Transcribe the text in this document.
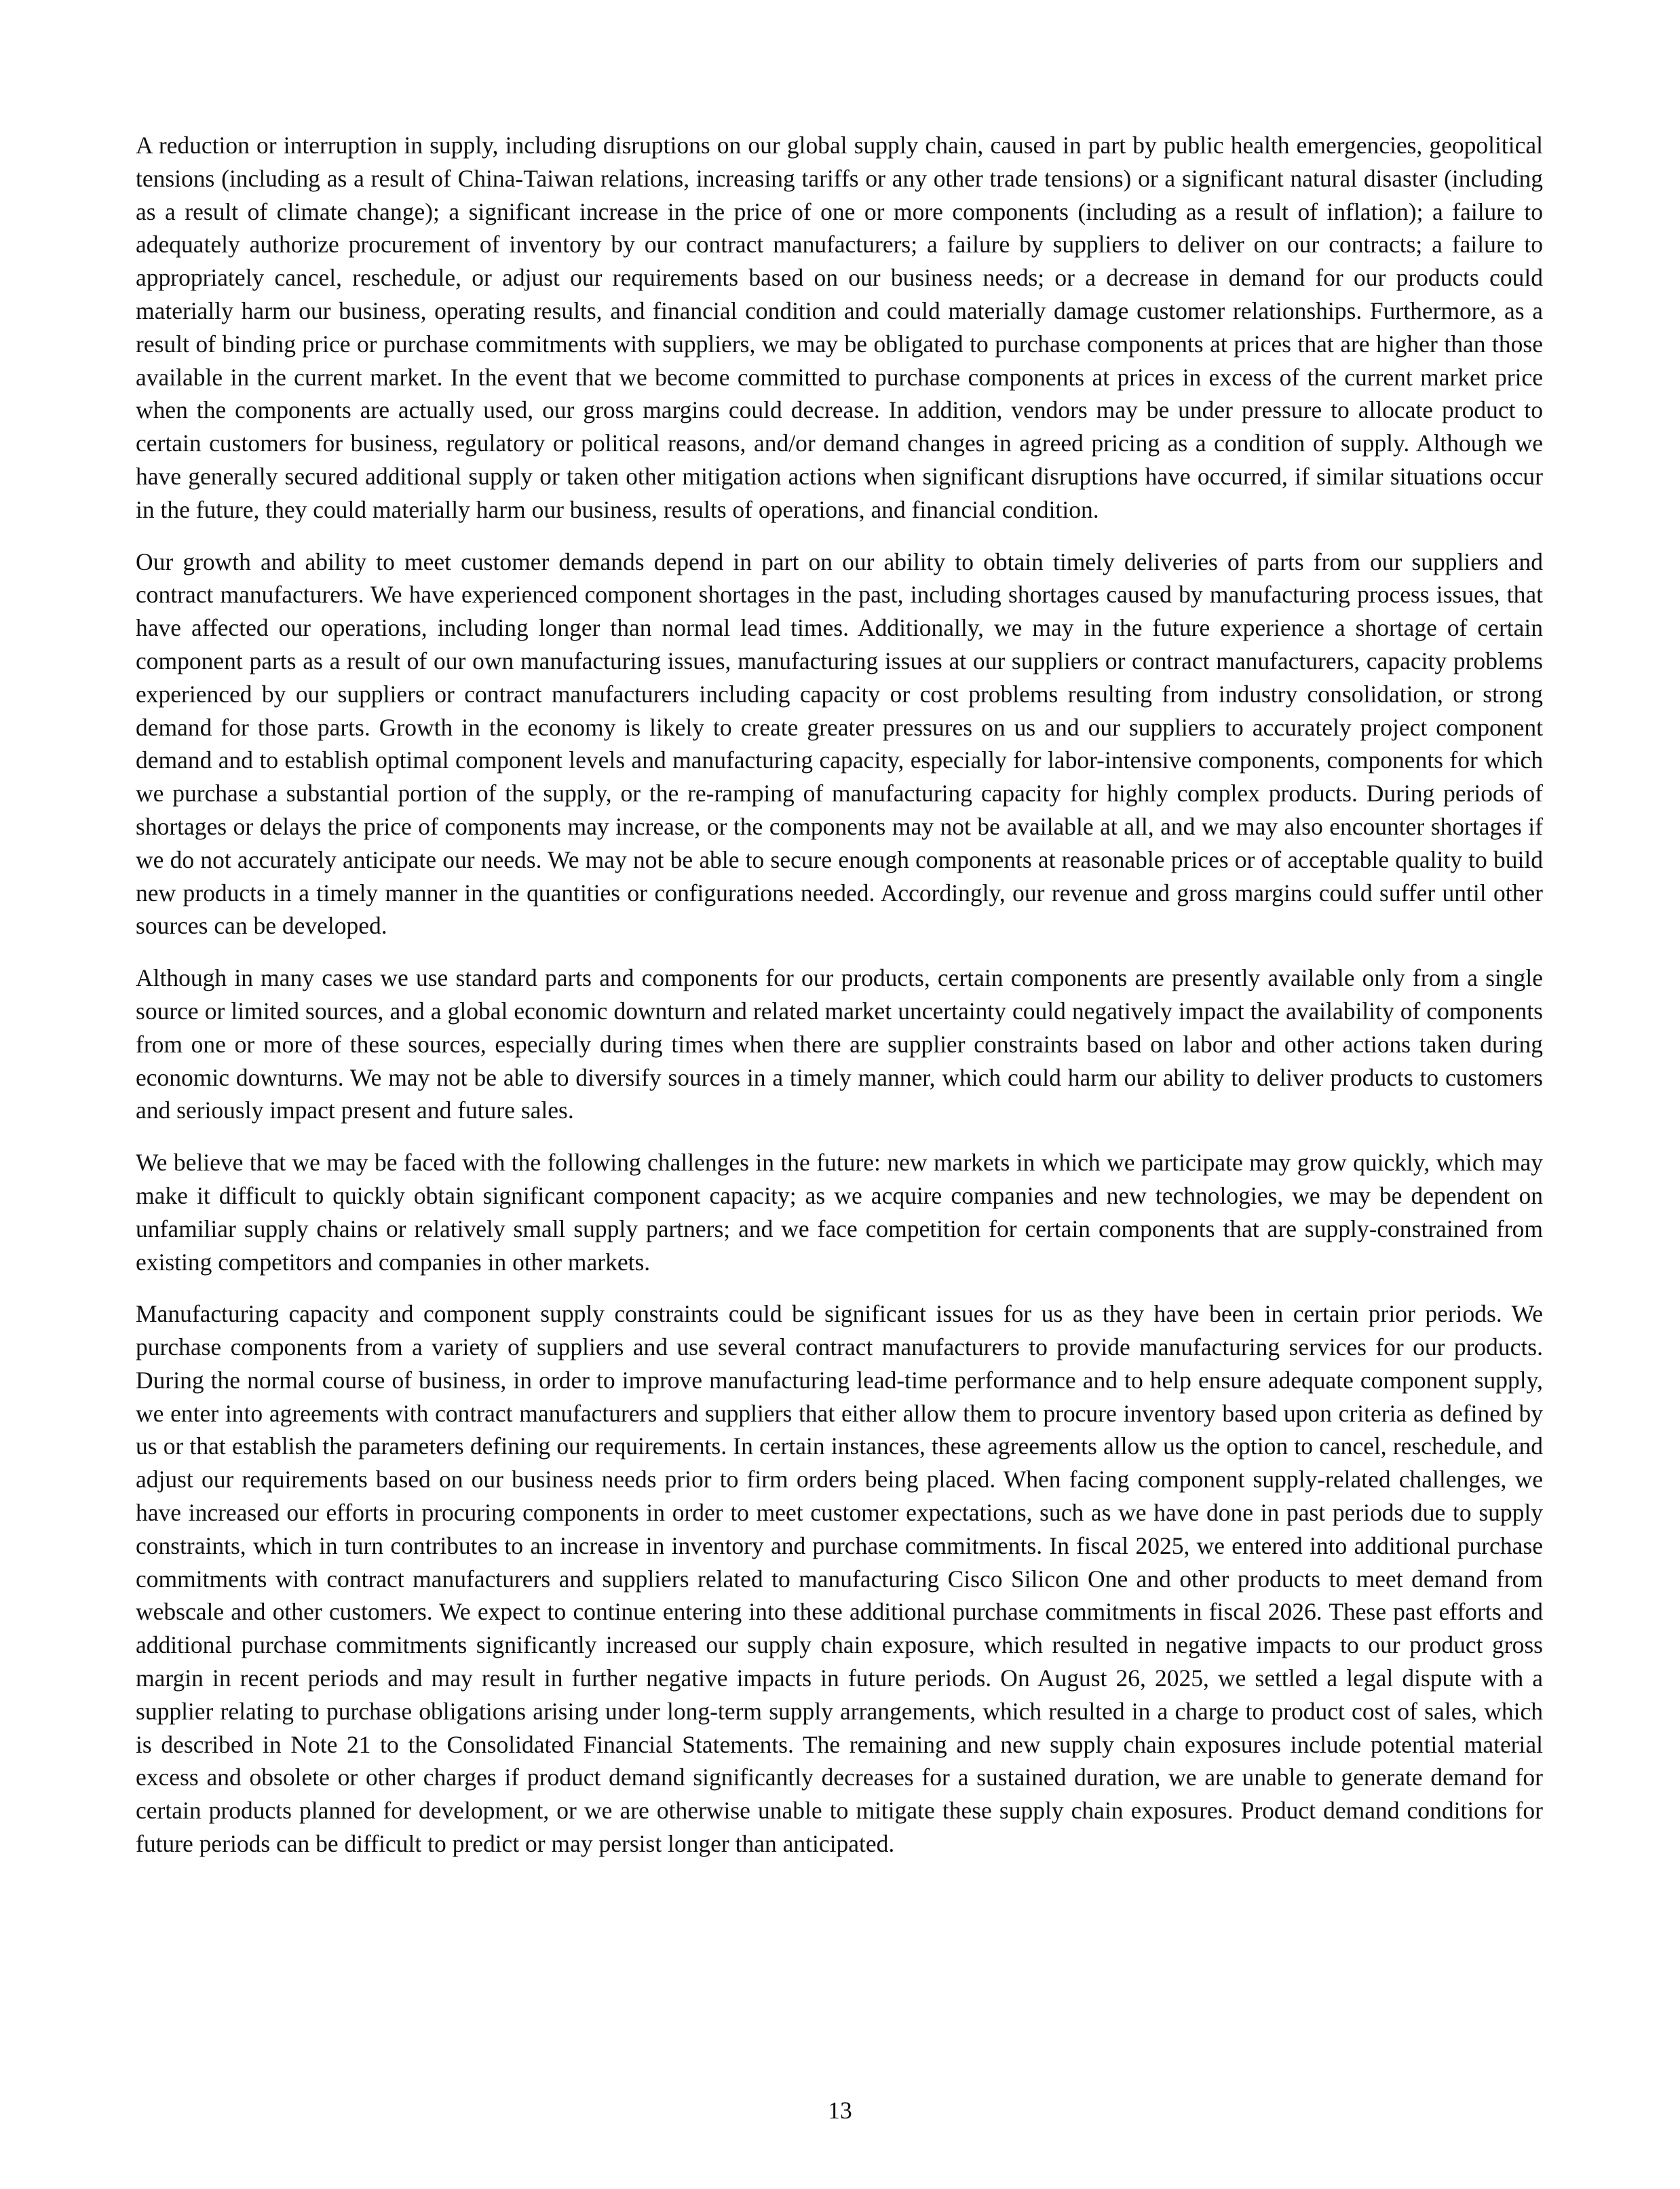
A reduction or interruption in supply, including disruptions on our global supply chain, caused in part by public health emergencies, geopolitical tensions (including as a result of China-Taiwan relations, increasing tariffs or any other trade tensions) or a significant natural disaster (including as a result of climate change); a significant increase in the price of one or more components (including as a result of inflation); a failure to adequately authorize procurement of inventory by our contract manufacturers; a failure by suppliers to deliver on our contracts; a failure to appropriately cancel, reschedule, or adjust our requirements based on our business needs; or a decrease in demand for our products could materially harm our business, operating results, and financial condition and could materially damage customer relationships. Furthermore, as a result of binding price or purchase commitments with suppliers, we may be obligated to purchase components at prices that are higher than those available in the current market. In the event that we become committed to purchase components at prices in excess of the current market price when the components are actually used, our gross margins could decrease. In addition, vendors may be under pressure to allocate product to certain customers for business, regulatory or political reasons, and/or demand changes in agreed pricing as a condition of supply. Although we have generally secured additional supply or taken other mitigation actions when significant disruptions have occurred, if similar situations occur in the future, they could materially harm our business, results of operations, and financial condition.

Our growth and ability to meet customer demands depend in part on our ability to obtain timely deliveries of parts from our suppliers and contract manufacturers. We have experienced component shortages in the past, including shortages caused by manufacturing process issues, that have affected our operations, including longer than normal lead times. Additionally, we may in the future experience a shortage of certain component parts as a result of our own manufacturing issues, manufacturing issues at our suppliers or contract manufacturers, capacity problems experienced by our suppliers or contract manufacturers including capacity or cost problems resulting from industry consolidation, or strong demand for those parts. Growth in the economy is likely to create greater pressures on us and our suppliers to accurately project component demand and to establish optimal component levels and manufacturing capacity, especially for labor-intensive components, components for which we purchase a substantial portion of the supply, or the re-ramping of manufacturing capacity for highly complex products. During periods of shortages or delays the price of components may increase, or the components may not be available at all, and we may also encounter shortages if we do not accurately anticipate our needs. We may not be able to secure enough components at reasonable prices or of acceptable quality to build new products in a timely manner in the quantities or configurations needed. Accordingly, our revenue and gross margins could suffer until other sources can be developed.

Although in many cases we use standard parts and components for our products, certain components are presently available only from a single source or limited sources, and a global economic downturn and related market uncertainty could negatively impact the availability of components from one or more of these sources, especially during times when there are supplier constraints based on labor and other actions taken during economic downturns. We may not be able to diversify sources in a timely manner, which could harm our ability to deliver products to customers and seriously impact present and future sales.

We believe that we may be faced with the following challenges in the future: new markets in which we participate may grow quickly, which may make it difficult to quickly obtain significant component capacity; as we acquire companies and new technologies, we may be dependent on unfamiliar supply chains or relatively small supply partners; and we face competition for certain components that are supply-constrained from existing competitors and companies in other markets.

Manufacturing capacity and component supply constraints could be significant issues for us as they have been in certain prior periods. We purchase components from a variety of suppliers and use several contract manufacturers to provide manufacturing services for our products. During the normal course of business, in order to improve manufacturing lead-time performance and to help ensure adequate component supply, we enter into agreements with contract manufacturers and suppliers that either allow them to procure inventory based upon criteria as defined by us or that establish the parameters defining our requirements. In certain instances, these agreements allow us the option to cancel, reschedule, and adjust our requirements based on our business needs prior to firm orders being placed. When facing component supply-related challenges, we have increased our efforts in procuring components in order to meet customer expectations, such as we have done in past periods due to supply constraints, which in turn contributes to an increase in inventory and purchase commitments. In fiscal 2025, we entered into additional purchase commitments with contract manufacturers and suppliers related to manufacturing Cisco Silicon One and other products to meet demand from webscale and other customers. We expect to continue entering into these additional purchase commitments in fiscal 2026. These past efforts and additional purchase commitments significantly increased our supply chain exposure, which resulted in negative impacts to our product gross margin in recent periods and may result in further negative impacts in future periods. On August 26, 2025, we settled a legal dispute with a supplier relating to purchase obligations arising under long-term supply arrangements, which resulted in a charge to product cost of sales, which is described in Note 21 to the Consolidated Financial Statements. The remaining and new supply chain exposures include potential material excess and obsolete or other charges if product demand significantly decreases for a sustained duration, we are unable to generate demand for certain products planned for development, or we are otherwise unable to mitigate these supply chain exposures. Product demand conditions for future periods can be difficult to predict or may persist longer than anticipated.

13
